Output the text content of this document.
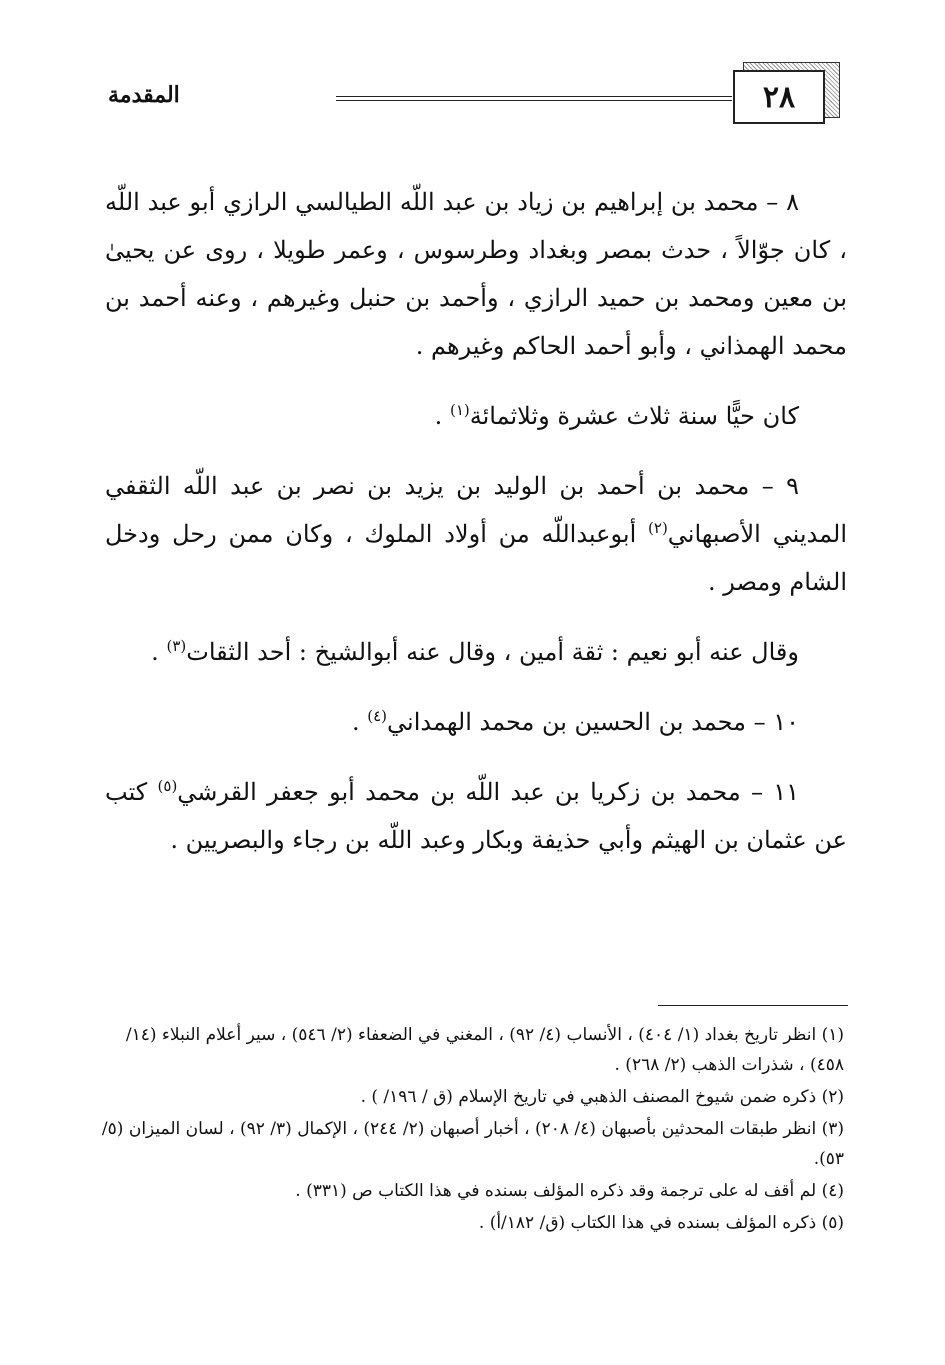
المقدمة	٢٨

٨ – محمد بن إبراهيم بن زياد بن عبد اللّه الطيالسي الرازي أبو عبد اللّه ، كان جوّالاً ، حدث بمصر وبغداد وطرسوس ، وعمر طويلا ، روى عن يحيىٰ بن معين ومحمد بن حميد الرازي ، وأحمد بن حنبل وغيرهم ، وعنه أحمد بن محمد الهمذاني ، وأبو أحمد الحاكم وغيرهم .

كان حيًّا سنة ثلاث عشرة وثلاثمائة$^{(١)}$ .

٩ – محمد بن أحمد بن الوليد بن يزيد بن نصر بن عبد اللّه الثقفي المديني الأصبهاني$^{(٢)}$ أبوعبداللّه من أولاد الملوك ، وكان ممن رحل ودخل الشام ومصر .

وقال عنه أبو نعيم : ثقة أمين ، وقال عنه أبوالشيخ : أحد الثقات$^{(٣)}$ .

١٠ – محمد بن الحسين بن محمد الهمداني$^{(٤)}$ .

١١ – محمد بن زكريا بن عبد اللّه بن محمد أبو جعفر القرشي$^{(٥)}$ كتب عن عثمان بن الهيثم وأبي حذيفة وبكار وعبد اللّه بن رجاء والبصريين .

(١) انظر تاريخ بغداد (١/ ٤٠٤) ، الأنساب (٤/ ٩٢) ، المغني في الضعفاء (٢/ ٥٤٦) ، سير أعلام النبلاء (١٤/ ٤٥٨) ، شذرات الذهب (٢/ ٢٦٨) .

(٢) ذكره ضمن شيوخ المصنف الذهبي في تاريخ الإسلام (ق / ١٩٦/ ) .

(٣) انظر طبقات المحدثين بأصبهان (٤/ ٢٠٨) ، أخبار أصبهان (٢/ ٢٤٤) ، الإكمال (٣/ ٩٢) ، لسان الميزان (٥/ ٥٣).

(٤) لم أقف له على ترجمة وقد ذكره المؤلف بسنده في هذا الكتاب ص (٣٣١) .

(٥) ذكره المؤلف بسنده في هذا الكتاب (ق/ ١٨٢/أ) .
